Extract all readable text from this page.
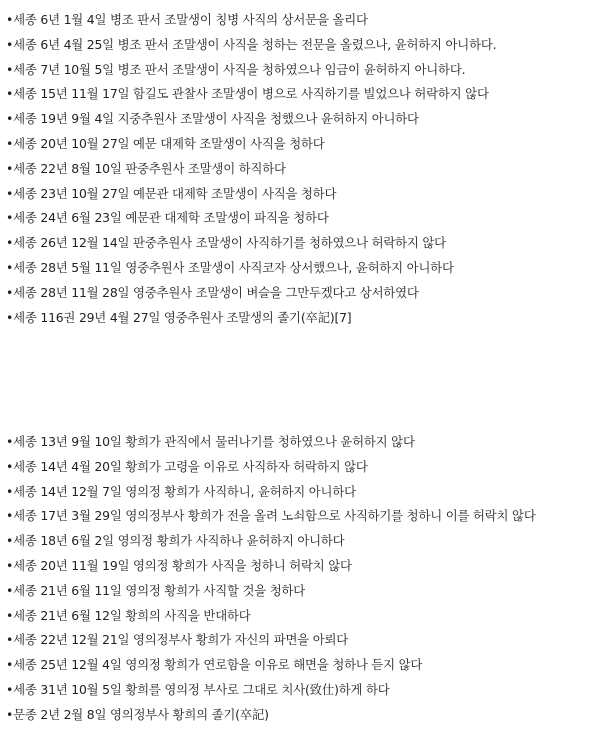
•세종 6년 1월 4일 병조 판서 조말생이 칭병 사직의 상서문을 올리다
•세종 6년 4월 25일 병조 판서 조말생이 사직을 청하는 전문을 올렸으나, 윤허하지 아니하다.
•세종 7년 10월 5일 병조 판서 조말생이 사직을 청하였으나 임금이 윤허하지 아니하다.
•세종 15년 11월 17일 함길도 관찰사 조말생이 병으로 사직하기를 빌었으나 허락하지 않다
•세종 19년 9월 4일 지중추원사 조말생이 사직을 청했으나 윤허하지 아니하다
•세종 20년 10월 27일 예문 대제학 조말생이 사직을 청하다
•세종 22년 8월 10일 판중추원사 조말생이 하직하다
•세종 23년 10월 27일 예문관 대제학 조말생이 사직을 청하다
•세종 24년 6월 23일 예문관 대제학 조말생이 파직을 청하다
•세종 26년 12월 14일 판중추원사 조말생이 사직하기를 청하였으나 허락하지 않다
•세종 28년 5월 11일 영중추원사 조말생이 사직코자 상서했으나, 윤허하지 아니하다
•세종 28년 11월 28일 영중추원사 조말생이 벼슬을 그만두겠다고 상서하였다
•세종 116권 29년 4월 27일 영중추원사 조말생의 졸기(卒記)[7]
•세종 13년 9월 10일 황희가 관직에서 물러나기를 청하였으나 윤허하지 않다
•세종 14년 4월 20일 황희가 고령을 이유로 사직하자 허락하지 않다
•세종 14년 12월 7일 영의정 황희가 사직하니, 윤허하지 아니하다
•세종 17년 3월 29일 영의정부사 황희가 전을 올려 노쇠함으로 사직하기를 청하니 이를 허락치 않다
•세종 18년 6월 2일 영의정 황희가 사직하나 윤허하지 아니하다
•세종 20년 11월 19일 영의정 황희가 사직을 청하니 허락치 않다
•세종 21년 6월 11일 영의정 황희가 사직할 것을 청하다
•세종 21년 6월 12일 황희의 사직을 반대하다
•세종 22년 12월 21일 영의정부사 황희가 자신의 파면을 아뢰다
•세종 25년 12월 4일 영의정 황희가 연로함을 이유로 해면을 청하나 듣지 않다
•세종 31년 10월 5일 황희를 영의정 부사로 그대로 치사(致仕)하게 하다
•문종 2년 2월 8일 영의정부사 황희의 졸기(卒記)
